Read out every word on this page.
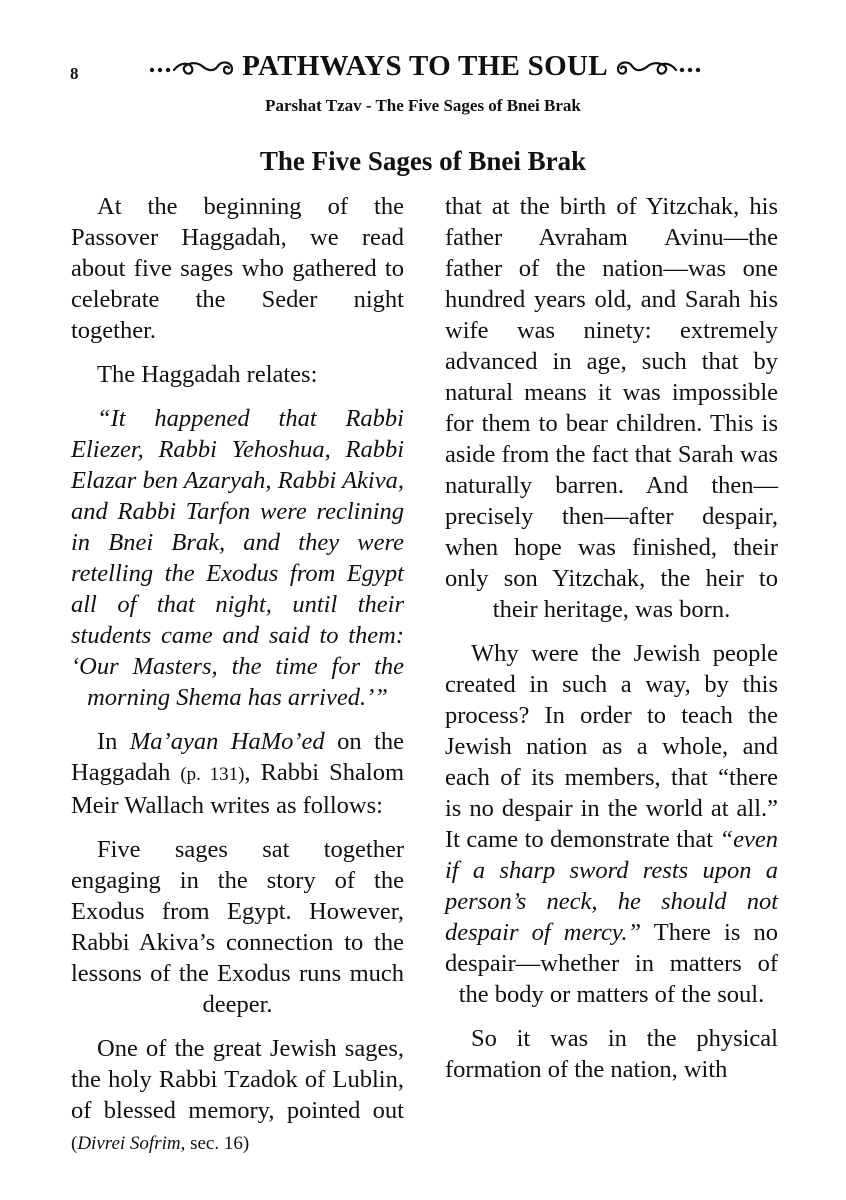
8	PATHWAYS TO THE SOUL
Parshat Tzav - The Five Sages of Bnei Brak
The Five Sages of Bnei Brak

At the beginning of the Passover Haggadah, we read about five sages who gathered to celebrate the Seder night together.

The Haggadah relates:

“It happened that Rabbi Eliezer, Rabbi Yehoshua, Rabbi Elazar ben Azaryah, Rabbi Akiva, and Rabbi Tarfon were reclining in Bnei Brak, and they were retelling the Exodus from Egypt all of that night, until their students came and said to them: ‘Our Masters, the time for the morning Shema has arrived.’”

In Ma’ayan HaMo’ed on the Haggadah (p. 131), Rabbi Shalom Meir Wallach writes as follows:

Five sages sat together engaging in the story of the Exodus from Egypt. However, Rabbi Akiva’s connection to the lessons of the Exodus runs much deeper.

One of the great Jewish sages, the holy Rabbi Tzadok of Lublin, of blessed memory, pointed out (Divrei Sofrim, sec. 16)

that at the birth of Yitzchak, his father Avraham Avinu—the father of the nation—was one hundred years old, and Sarah his wife was ninety: extremely advanced in age, such that by natural means it was impossible for them to bear children. This is aside from the fact that Sarah was naturally barren. And then—precisely then—after despair, when hope was finished, their only son Yitzchak, the heir to their heritage, was born.

Why were the Jewish people created in such a way, by this process? In order to teach the Jewish nation as a whole, and each of its members, that “there is no despair in the world at all.” It came to demonstrate that “even if a sharp sword rests upon a person’s neck, he should not despair of mercy.” There is no despair—whether in matters of the body or matters of the soul.

So it was in the physical formation of the nation, with
